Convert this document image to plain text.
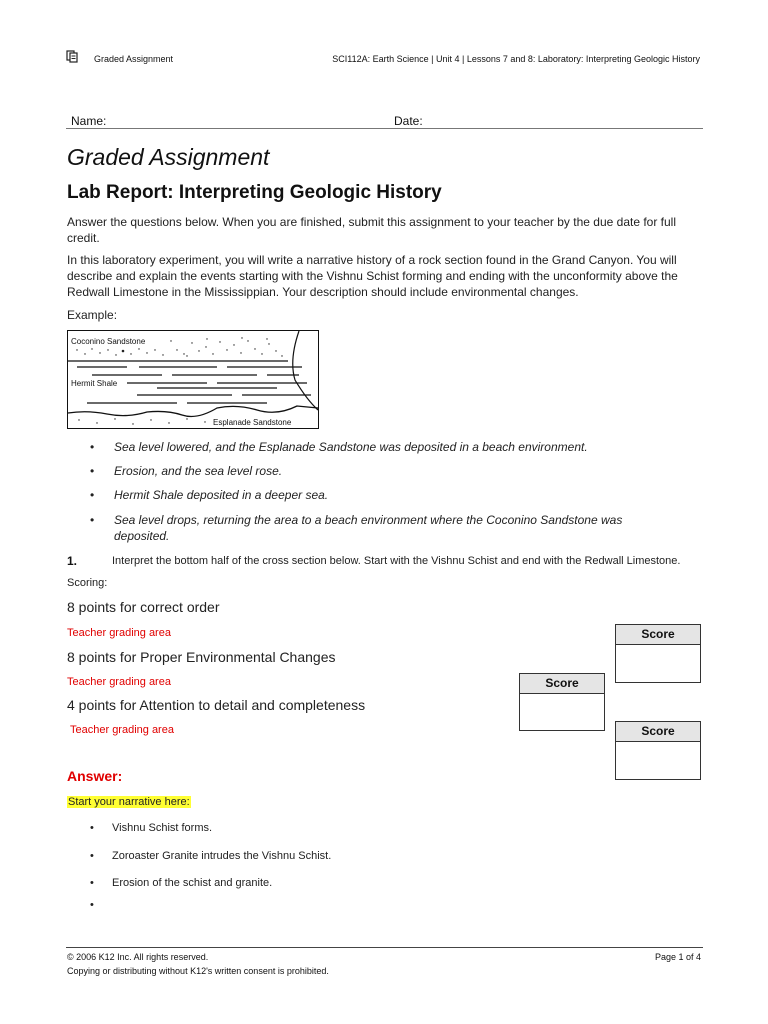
Graded Assignment	SCI112A: Earth Science | Unit 4 | Lessons 7 and 8: Laboratory: Interpreting Geologic History
Name:	Date:
Graded Assignment
Lab Report: Interpreting Geologic History
Answer the questions below. When you are finished, submit this assignment to your teacher by the due date for full credit.
In this laboratory experiment, you will write a narrative history of a rock section found in the Grand Canyon. You will describe and explain the events starting with the Vishnu Schist forming and ending with the unconformity above the Redwall Limestone in the Mississippian. Your description should include environmental changes.
Example:
Coconino Sandstone
Hermit Shale
Esplanade Sandstone
• Sea level lowered, and the Esplanade Sandstone was deposited in a beach environment.
• Erosion, and the sea level rose.
• Hermit Shale deposited in a deeper sea.
• Sea level drops, returning the area to a beach environment where the Coconino Sandstone was deposited.
1.	Interpret the bottom half of the cross section below. Start with the Vishnu Schist and end with the Redwall Limestone.
Scoring:
8 points for correct order
Teacher grading area
8 points for Proper Environmental Changes
Teacher grading area
4 points for Attention to detail and completeness
Teacher grading area
Score
Score
Score
Answer:
Start your narrative here:
• Vishnu Schist forms.
• Zoroaster Granite intrudes the Vishnu Schist.
• Erosion of the schist and granite.
•
© 2006 K12 Inc. All rights reserved.
Copying or distributing without K12's written consent is prohibited.
Page 1 of 4
